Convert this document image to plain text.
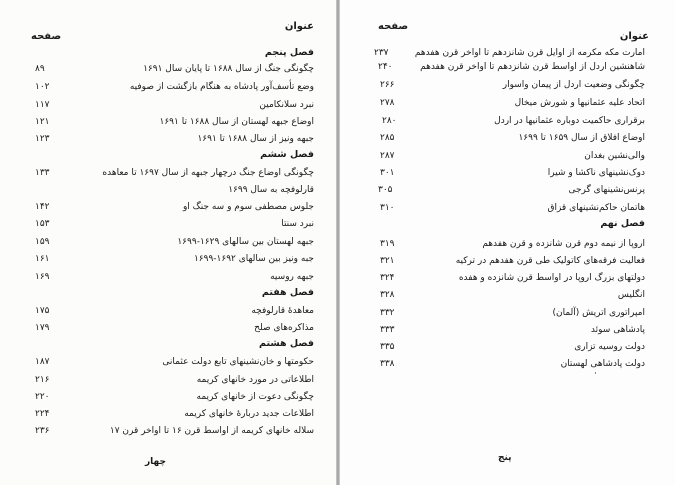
عنوان
صفحه
فصل پنجم
چگونگی جنگ از سال ۱۶۸۸ تا پایان سال ۱۶۹۱
۸۹
وضع تأسف‌آور پادشاه به هنگام بازگشت از صوفیه
۱۰۲
نبرد سلانکامین
۱۱۷
اوضاع جبهه لهستان از سال ۱۶۸۸ تا ۱۶۹۱
۱۲۱
جبهه ونیز از سال ۱۶۸۸ تا ۱۶۹۱
۱۲۳
فصل ششم
چگونگی اوضاع جنگ درچهار جبهه از سال ۱۶۹۷ تا معاهده
۱۳۳
قارلوفچه به سال ۱۶۹۹
جلوس مصطفی سوم و سه جنگ او
۱۴۲
نبرد سنتا
۱۵۳
جبهه لهستان بین سالهای ۱۶۲۹-۱۶۹۹
۱۵۹
جبه ونیز بین سالهای ۱۶۹۲-۱۶۹۹
۱۶۱
جبهه روسیه
۱۶۹
فصل هفتم
معاهدهٔ قارلوفچه
۱۷۵
مذاکره‌های صلح
۱۷۹
فصل هشتم
حکومتها و خان‌نشینهای تابع دولت عثمانی
۱۸۷
اطلاعاتی در مورد خانهای کریمه
۲۱۶
چگونگی دعوت از خانهای کریمه
۲۲۰
اطلاعات جدید دربارهٔ خانهای کریمه
۲۲۴
سلاله خانهای کریمه از اواسط قرن ۱۶ تا اواخر قرن ۱۷
۲۳۶
چهار
عنوان
صفحه
امارت مکه مکرمه از اوایل قرن شانزدهم تا اواخر قرن هفدهم
۲۳۷
شاهنشین اردل از اواسط قرن شانزدهم تا اواخر قرن هفدهم
۲۴۰
چگونگی وضعیت اردل از پیمان واسوار
۲۶۶
اتحاد علیه عثمانیها و شورش میخال
۲۷۸
برقراری حاکمیت دوباره عثمانیها در اردل
۲۸۰
اوضاع افلاق از سال ۱۶۵۹ تا ۱۶۹۹
۲۸۵
والی‌نشین بغدان
۲۸۷
دوک‌نشینهای ناکشا و شیرا
۳۰۱
پرنس‌نشینهای گرجی
۳۰۵
هاتمان حاکم‌نشینهای قزاق
۳۱۰
فصل نهم
اروپا از نیمه دوم قرن شانزده و قرن هفدهم
۳۱۹
فعالیت فرقه‌های کاتولیک طی قرن هفدهم در ترکیه
۳۲۱
دولتهای بزرگ اروپا در اواسط قرن شانزده و هفده
۳۲۴
انگلیس
۳۲۸
امپراتوری اتریش (آلمان)
۳۳۲
پادشاهی سوئد
۳۳۳
دولت روسیه تزاری
۳۳۵
دولت پادشاهی لهستان
۳۳۸
·
پنج
